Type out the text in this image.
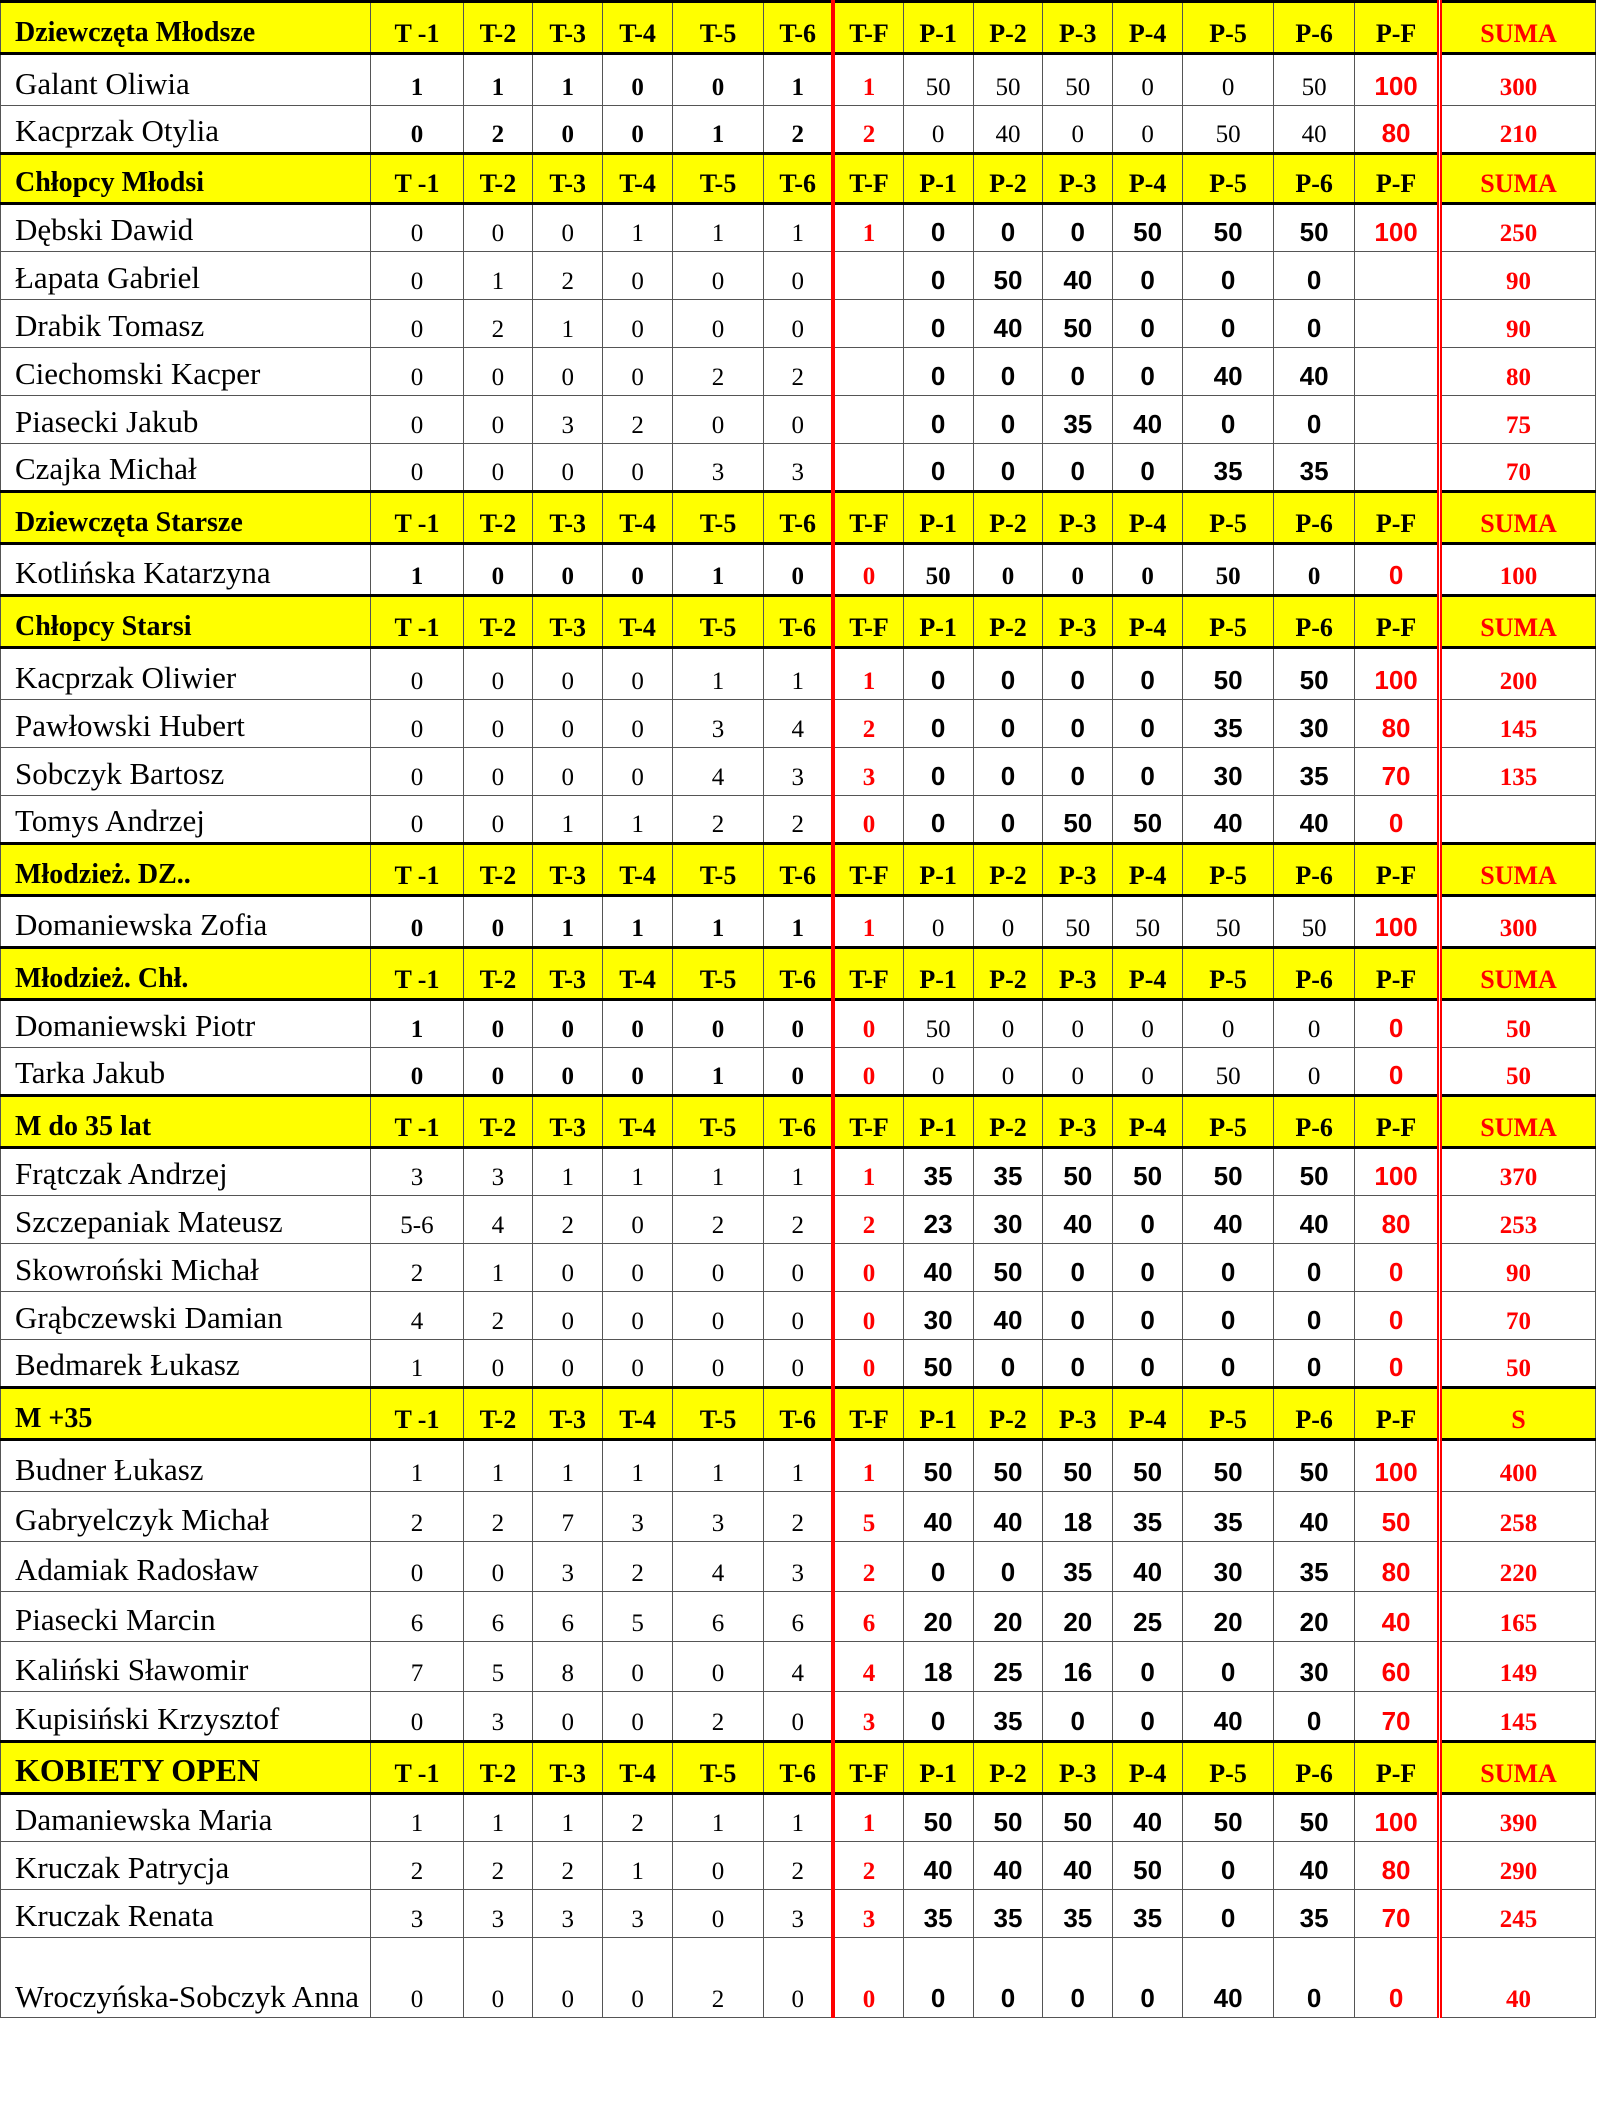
Dziewczęta Młodsze	T -1	T-2	T-3	T-4	T-5	T-6	T-F	P-1	P-2	P-3	P-4	P-5	P-6	P-F	SUMA
Galant Oliwia	1	1	1	0	0	1	1	50	50	50	0	0	50	100	300
Kacprzak Otylia	0	2	0	0	1	2	2	0	40	0	0	50	40	80	210
Chłopcy Młodsi	T -1	T-2	T-3	T-4	T-5	T-6	T-F	P-1	P-2	P-3	P-4	P-5	P-6	P-F	SUMA
Dębski Dawid	0	0	0	1	1	1	1	0	0	0	50	50	50	100	250
Łapata Gabriel	0	1	2	0	0	0		0	50	40	0	0	0		90
Drabik Tomasz	0	2	1	0	0	0		0	40	50	0	0	0		90
Ciechomski Kacper	0	0	0	0	2	2		0	0	0	0	40	40		80
Piasecki Jakub	0	0	3	2	0	0		0	0	35	40	0	0		75
Czajka Michał	0	0	0	0	3	3		0	0	0	0	35	35		70
Dziewczęta Starsze	T -1	T-2	T-3	T-4	T-5	T-6	T-F	P-1	P-2	P-3	P-4	P-5	P-6	P-F	SUMA
Kotlińska Katarzyna	1	0	0	0	1	0	0	50	0	0	0	50	0	0	100
Chłopcy Starsi	T -1	T-2	T-3	T-4	T-5	T-6	T-F	P-1	P-2	P-3	P-4	P-5	P-6	P-F	SUMA
Kacprzak Oliwier	0	0	0	0	1	1	1	0	0	0	0	50	50	100	200
Pawłowski Hubert	0	0	0	0	3	4	2	0	0	0	0	35	30	80	145
Sobczyk Bartosz	0	0	0	0	4	3	3	0	0	0	0	30	35	70	135
Tomys Andrzej	0	0	1	1	2	2	0	0	0	50	50	40	40	0	
Młodzież. DZ..	T -1	T-2	T-3	T-4	T-5	T-6	T-F	P-1	P-2	P-3	P-4	P-5	P-6	P-F	SUMA
Domaniewska Zofia	0	0	1	1	1	1	1	0	0	50	50	50	50	100	300
Młodzież. Chł.	T -1	T-2	T-3	T-4	T-5	T-6	T-F	P-1	P-2	P-3	P-4	P-5	P-6	P-F	SUMA
Domaniewski Piotr	1	0	0	0	0	0	0	50	0	0	0	0	0	0	50
Tarka Jakub	0	0	0	0	1	0	0	0	0	0	0	50	0	0	50
M do 35 lat	T -1	T-2	T-3	T-4	T-5	T-6	T-F	P-1	P-2	P-3	P-4	P-5	P-6	P-F	SUMA
Frątczak Andrzej	3	3	1	1	1	1	1	35	35	50	50	50	50	100	370
Szczepaniak Mateusz	5-6	4	2	0	2	2	2	23	30	40	0	40	40	80	253
Skowroński Michał	2	1	0	0	0	0	0	40	50	0	0	0	0	0	90
Grąbczewski Damian	4	2	0	0	0	0	0	30	40	0	0	0	0	0	70
Bedmarek Łukasz	1	0	0	0	0	0	0	50	0	0	0	0	0	0	50
M +35	T -1	T-2	T-3	T-4	T-5	T-6	T-F	P-1	P-2	P-3	P-4	P-5	P-6	P-F	S
Budner Łukasz	1	1	1	1	1	1	1	50	50	50	50	50	50	100	400
Gabryelczyk Michał	2	2	7	3	3	2	5	40	40	18	35	35	40	50	258
Adamiak Radosław	0	0	3	2	4	3	2	0	0	35	40	30	35	80	220
Piasecki Marcin	6	6	6	5	6	6	6	20	20	20	25	20	20	40	165
Kaliński Sławomir	7	5	8	0	0	4	4	18	25	16	0	0	30	60	149
Kupisiński Krzysztof	0	3	0	0	2	0	3	0	35	0	0	40	0	70	145
KOBIETY OPEN	T -1	T-2	T-3	T-4	T-5	T-6	T-F	P-1	P-2	P-3	P-4	P-5	P-6	P-F	SUMA
Damaniewska Maria	1	1	1	2	1	1	1	50	50	50	40	50	50	100	390
Kruczak Patrycja	2	2	2	1	0	2	2	40	40	40	50	0	40	80	290
Kruczak Renata	3	3	3	3	0	3	3	35	35	35	35	0	35	70	245
Wroczyńska-Sobczyk Anna	0	0	0	0	2	0	0	0	0	0	0	40	0	0	40
